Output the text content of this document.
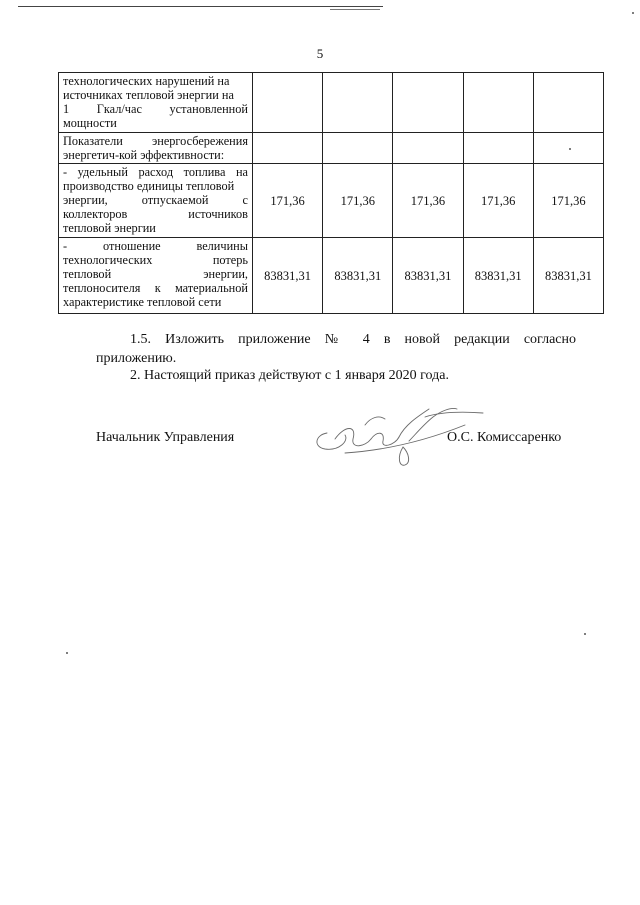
5
технологических нарушений на
источниках тепловой энергии на
1 Гкал/час установленной
мощности					
Показатели энергосбережения
энергетич-кой эффективности:					
- удельный расход топлива на
производство единицы тепловой
энергии, отпускаемой с
коллекторов источников
тепловой энергии	171,36	171,36	171,36	171,36	171,36
- отношение величины
технологических потерь
тепловой энергии,
теплоносителя к материальной
характеристике тепловой сети	83831,31	83831,31	83831,31	83831,31	83831,31
1.5. Изложить приложение № 4 в новой редакции согласно
приложению.
2. Настоящий приказ действуют с 1 января 2020 года.
Начальник Управления	О.С. Комиссаренко
